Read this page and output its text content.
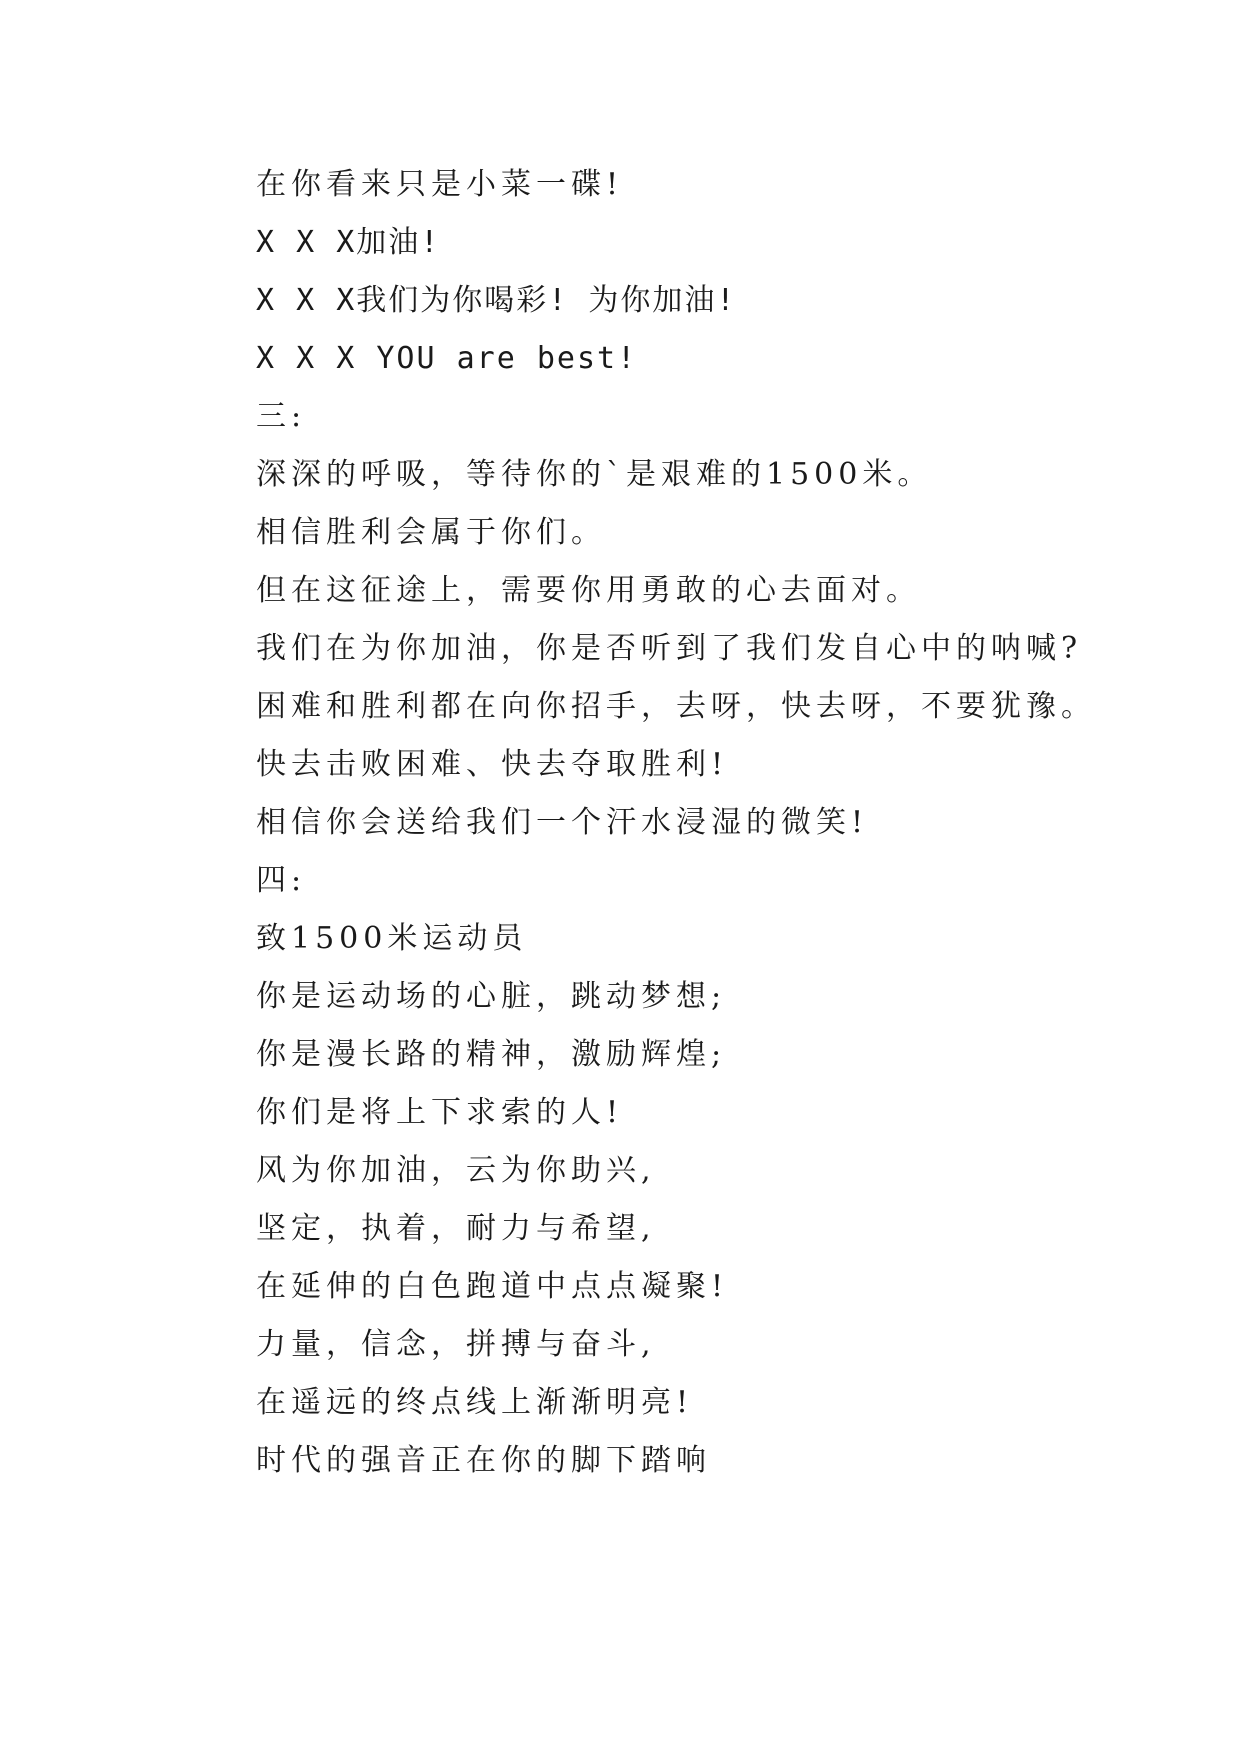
在你看来只是小菜一碟!
X X X加油!
X X X我们为你喝彩! 为你加油!
X X X YOU are best!
三:
深深的呼吸，等待你的`是艰难的1500米。
相信胜利会属于你们。
但在这征途上，需要你用勇敢的心去面对。
我们在为你加油，你是否听到了我们发自心中的呐喊?
困难和胜利都在向你招手，去呀，快去呀，不要犹豫。
快去击败困难、快去夺取胜利!
相信你会送给我们一个汗水浸湿的微笑!
四:
致1500米运动员
你是运动场的心脏，跳动梦想;
你是漫长路的精神，激励辉煌;
你们是将上下求索的人!
风为你加油，云为你助兴,
坚定，执着，耐力与希望,
在延伸的白色跑道中点点凝聚!
力量，信念，拼搏与奋斗,
在遥远的终点线上渐渐明亮!
时代的强音正在你的脚下踏响
